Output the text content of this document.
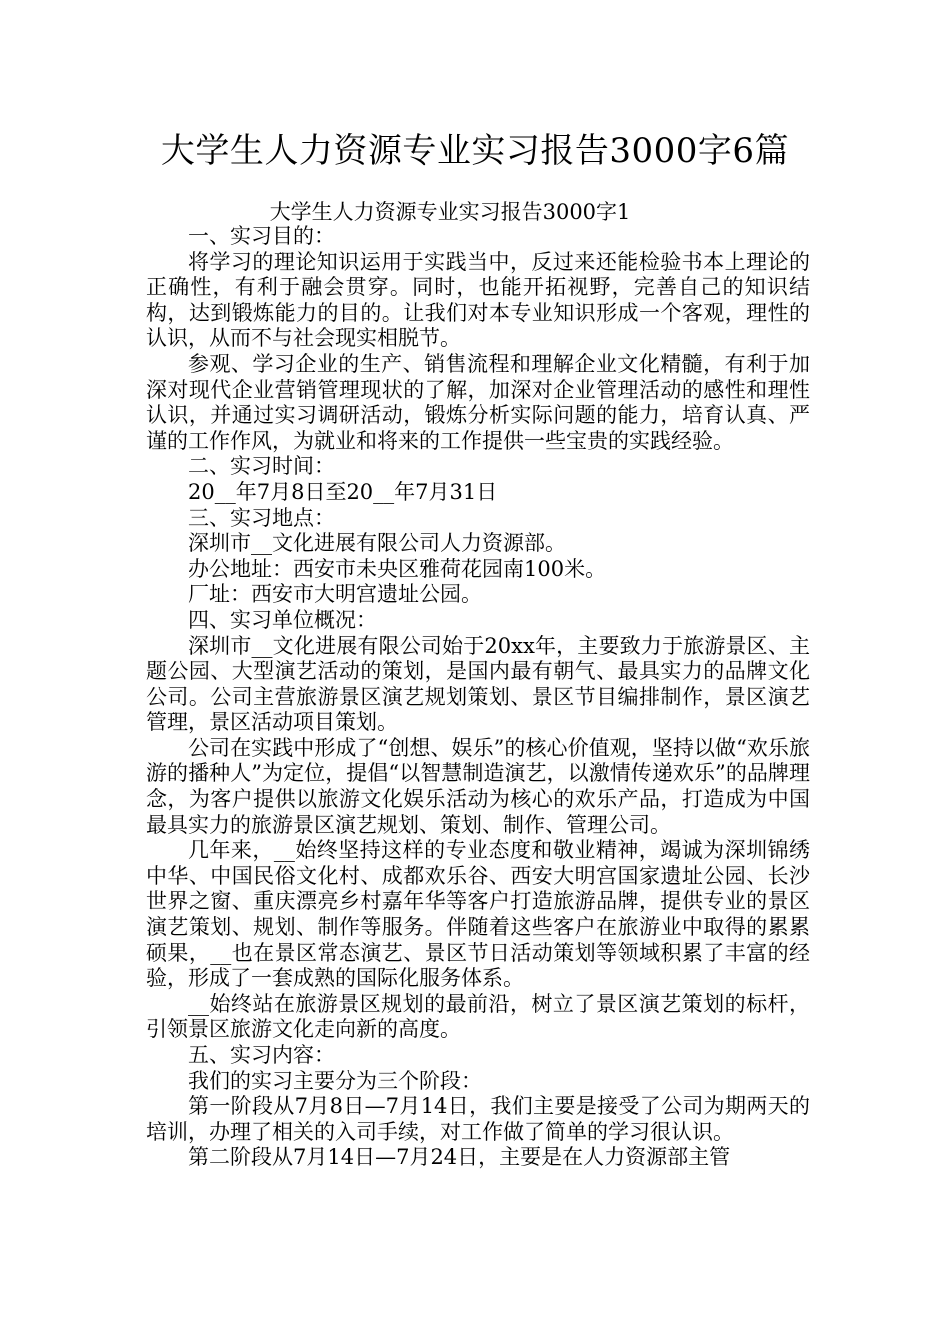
大学生人力资源专业实习报告3000字6篇
大学生人力资源专业实习报告3000字1

一、实习目的：

将学习的理论知识运用于实践当中，反过来还能检验书本上理论的正确性，有利于融会贯穿。同时，也能开拓视野，完善自己的知识结构，达到锻炼能力的目的。让我们对本专业知识形成一个客观，理性的认识，从而不与社会现实相脱节。

参观、学习企业的生产、销售流程和理解企业文化精髓，有利于加深对现代企业营销管理现状的了解，加深对企业管理活动的感性和理性认识，并通过实习调研活动，锻炼分析实际问题的能力，培育认真、严谨的工作作风，为就业和将来的工作提供一些宝贵的实践经验。

二、实习时间：

20__年7月8日至20__年7月31日

三、实习地点：

深圳市__文化进展有限公司人力资源部。

办公地址：西安市未央区雅荷花园南100米。

厂址：西安市大明宫遗址公园。

四、实习单位概况：

深圳市__文化进展有限公司始于20xx年，主要致力于旅游景区、主题公园、大型演艺活动的策划，是国内最有朝气、最具实力的品牌文化公司。公司主营旅游景区演艺规划策划、景区节目编排制作，景区演艺管理，景区活动项目策划。

公司在实践中形成了“创想、娱乐”的核心价值观，坚持以做“欢乐旅游的播种人”为定位，提倡“以智慧制造演艺，以激情传递欢乐”的品牌理念，为客户提供以旅游文化娱乐活动为核心的欢乐产品，打造成为中国最具实力的旅游景区演艺规划、策划、制作、管理公司。

几年来，__始终坚持这样的专业态度和敬业精神，竭诚为深圳锦绣中华、中国民俗文化村、成都欢乐谷、西安大明宫国家遗址公园、长沙世界之窗、重庆漂亮乡村嘉年华等客户打造旅游品牌，提供专业的景区演艺策划、规划、制作等服务。伴随着这些客户在旅游业中取得的累累硕果，__也在景区常态演艺、景区节日活动策划等领域积累了丰富的经验，形成了一套成熟的国际化服务体系。

__始终站在旅游景区规划的最前沿，树立了景区演艺策划的标杆，引领景区旅游文化走向新的高度。

五、实习内容：

我们的实习主要分为三个阶段：

第一阶段从7月8日—7月14日，我们主要是接受了公司为期两天的培训，办理了相关的入司手续，对工作做了简单的学习很认识。

第二阶段从7月14日—7月24日，主要是在人力资源部主管
